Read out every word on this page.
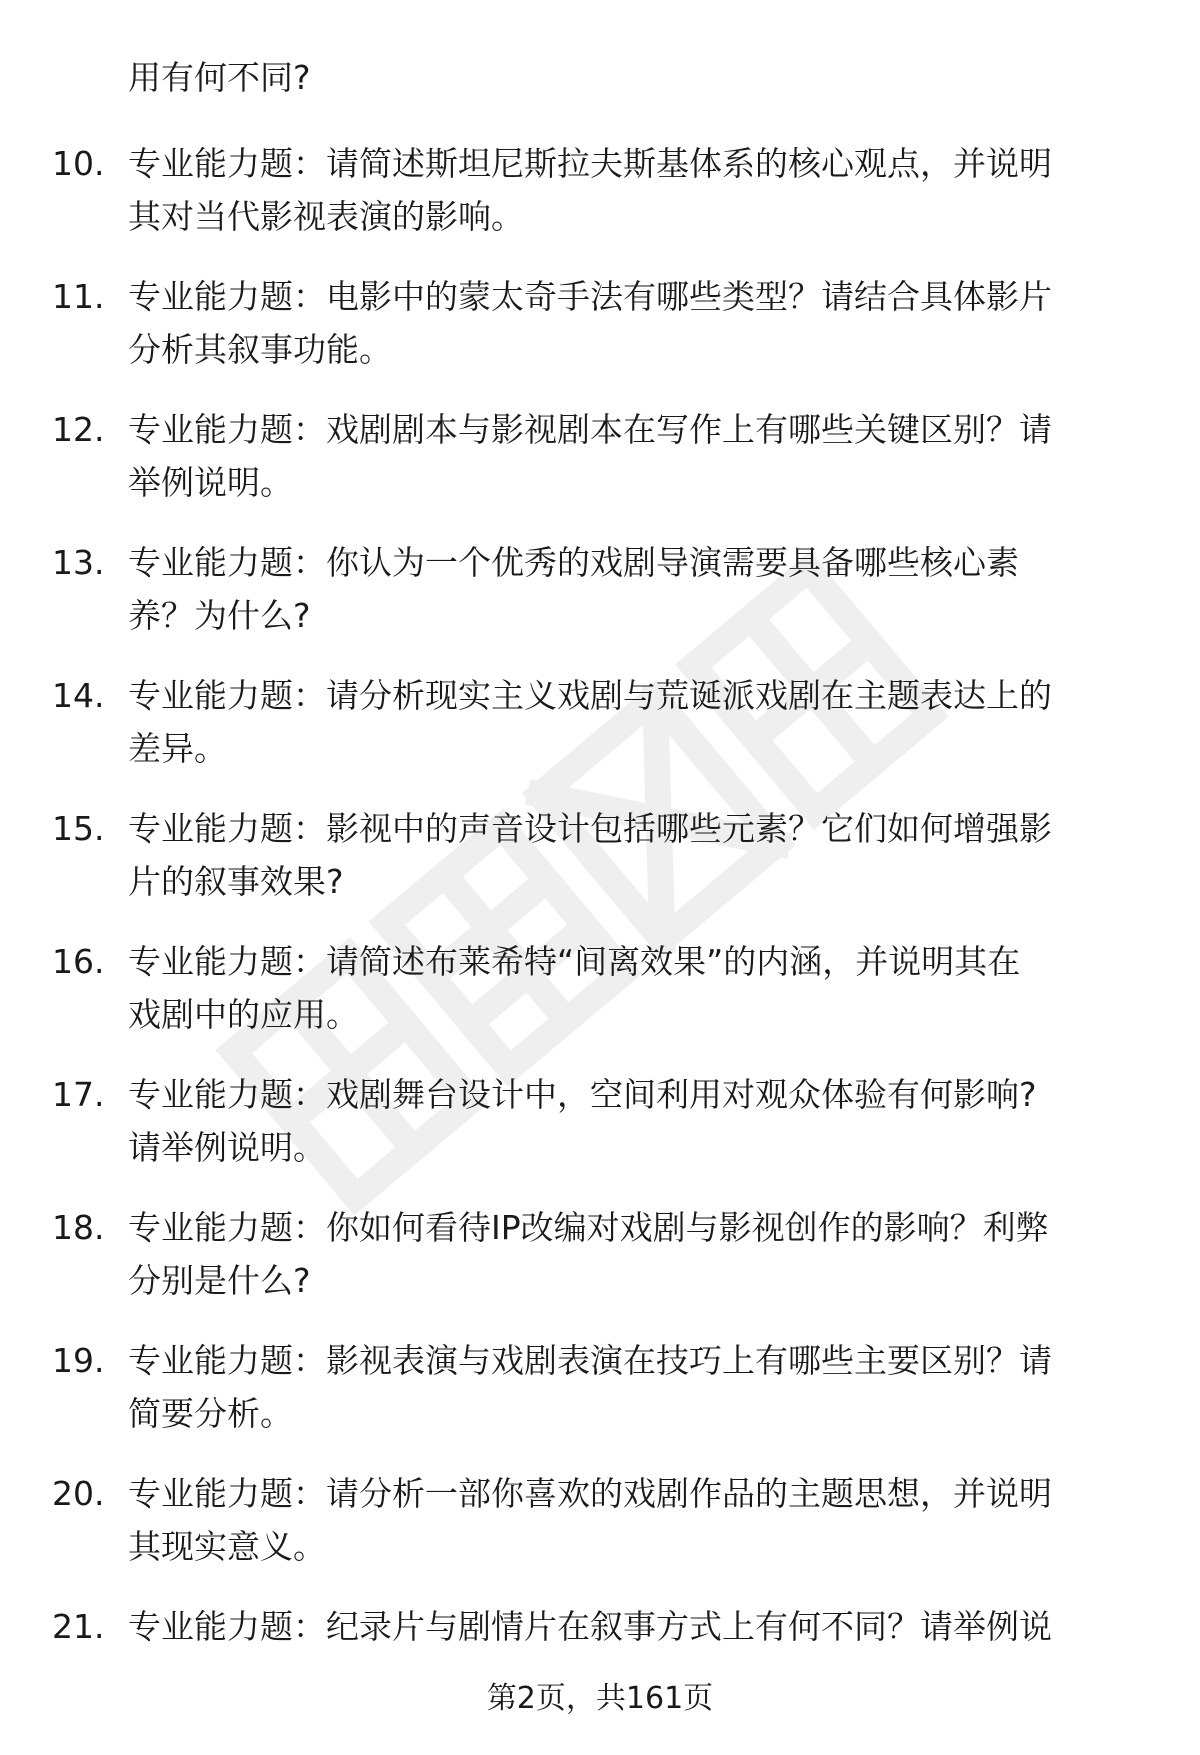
用有何不同?
10. 专业能力题：请简述斯坦尼斯拉夫斯基体系的核心观点，并说明
其对当代影视表演的影响。
11. 专业能力题：电影中的蒙太奇手法有哪些类型？请结合具体影片
分析其叙事功能。
12. 专业能力题：戏剧剧本与影视剧本在写作上有哪些关键区别？请
举例说明。
13. 专业能力题：你认为一个优秀的戏剧导演需要具备哪些核心素
养？为什么?
14. 专业能力题：请分析现实主义戏剧与荒诞派戏剧在主题表达上的
差异。
15. 专业能力题：影视中的声音设计包括哪些元素？它们如何增强影
片的叙事效果?
16. 专业能力题：请简述布莱希特“间离效果”的内涵，并说明其在
戏剧中的应用。
17. 专业能力题：戏剧舞台设计中，空间利用对观众体验有何影响?
请举例说明。
18. 专业能力题：你如何看待IP改编对戏剧与影视创作的影响？利弊
分别是什么?
19. 专业能力题：影视表演与戏剧表演在技巧上有哪些主要区别？请
简要分析。
20. 专业能力题：请分析一部你喜欢的戏剧作品的主题思想，并说明
其现实意义。
21. 专业能力题：纪录片与剧情片在叙事方式上有何不同？请举例说
第2页，共161页
